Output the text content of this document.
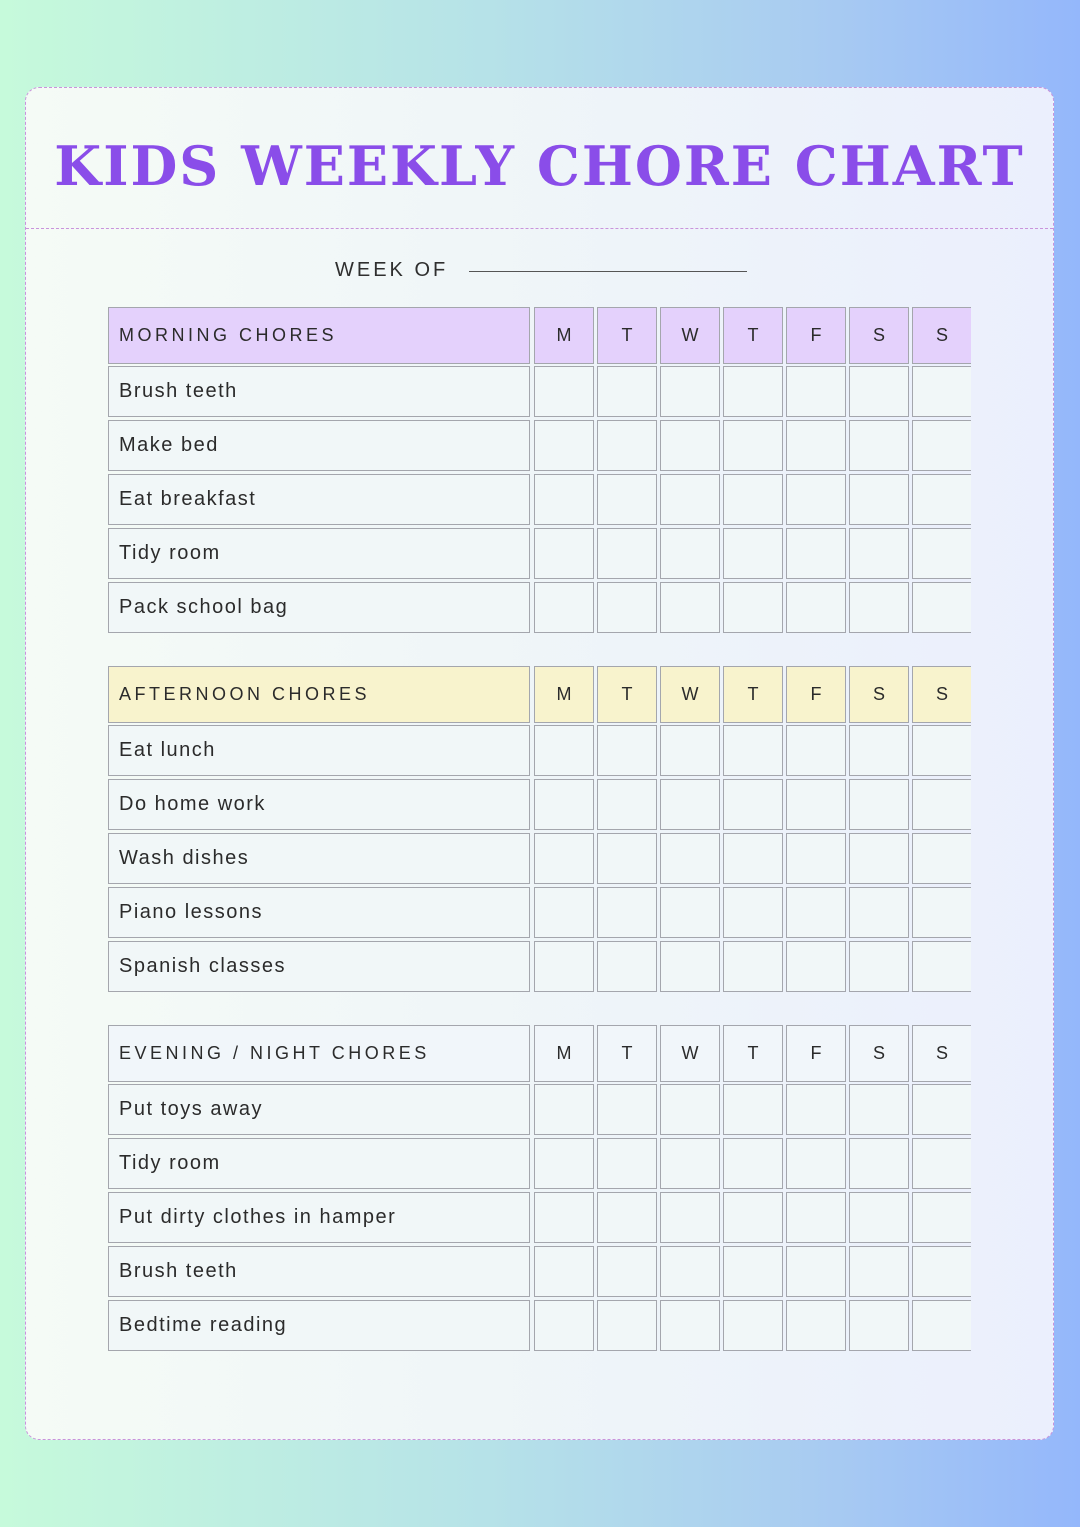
KIDS WEEKLY CHORE CHART
WEEK OF
MORNING CHORES	M	T	W	T	F	S	S
Brush teeth
Make bed
Eat breakfast
Tidy room
Pack school bag
AFTERNOON CHORES	M	T	W	T	F	S	S
Eat lunch
Do home work
Wash dishes
Piano lessons
Spanish classes
EVENING / NIGHT CHORES	M	T	W	T	F	S	S
Put toys away
Tidy room
Put dirty clothes in hamper
Brush teeth
Bedtime reading
